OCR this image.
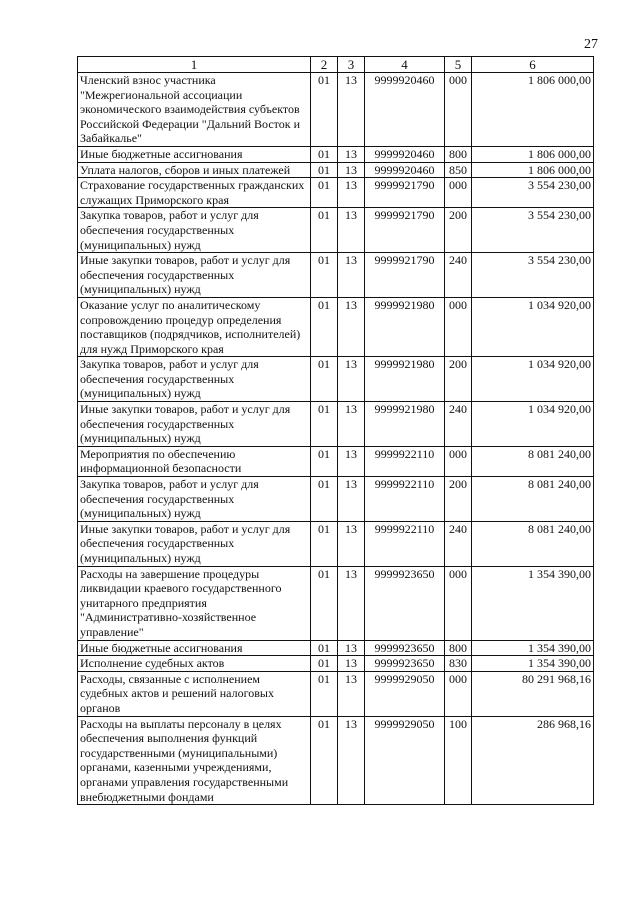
27
1	2	3	4	5	6
Членский взнос участника "Межрегиональной ассоциации экономического взаимодействия субъектов Российской Федерации "Дальний Восток и Забайкалье"	01	13	9999920460	000	1 806 000,00
Иные бюджетные ассигнования	01	13	9999920460	800	1 806 000,00
Уплата налогов, сборов и иных платежей	01	13	9999920460	850	1 806 000,00
Страхование государственных гражданских служащих Приморского края	01	13	9999921790	000	3 554 230,00
Закупка товаров, работ и услуг для обеспечения государственных (муниципальных) нужд	01	13	9999921790	200	3 554 230,00
Иные закупки товаров, работ и услуг для обеспечения государственных (муниципальных) нужд	01	13	9999921790	240	3 554 230,00
Оказание услуг по аналитическому сопровождению процедур определения поставщиков (подрядчиков, исполнителей) для нужд Приморского края	01	13	9999921980	000	1 034 920,00
Закупка товаров, работ и услуг для обеспечения государственных (муниципальных) нужд	01	13	9999921980	200	1 034 920,00
Иные закупки товаров, работ и услуг для обеспечения государственных (муниципальных) нужд	01	13	9999921980	240	1 034 920,00
Мероприятия по обеспечению информационной безопасности	01	13	9999922110	000	8 081 240,00
Закупка товаров, работ и услуг для обеспечения государственных (муниципальных) нужд	01	13	9999922110	200	8 081 240,00
Иные закупки товаров, работ и услуг для обеспечения государственных (муниципальных) нужд	01	13	9999922110	240	8 081 240,00
Расходы на завершение процедуры ликвидации краевого государственного унитарного предприятия "Административно-хозяйственное управление"	01	13	9999923650	000	1 354 390,00
Иные бюджетные ассигнования	01	13	9999923650	800	1 354 390,00
Исполнение судебных актов	01	13	9999923650	830	1 354 390,00
Расходы, связанные с исполнением судебных актов и решений налоговых органов	01	13	9999929050	000	80 291 968,16
Расходы на выплаты персоналу в целях обеспечения выполнения функций государственными (муниципальными) органами, казенными учреждениями, органами управления государственными внебюджетными фондами	01	13	9999929050	100	286 968,16
